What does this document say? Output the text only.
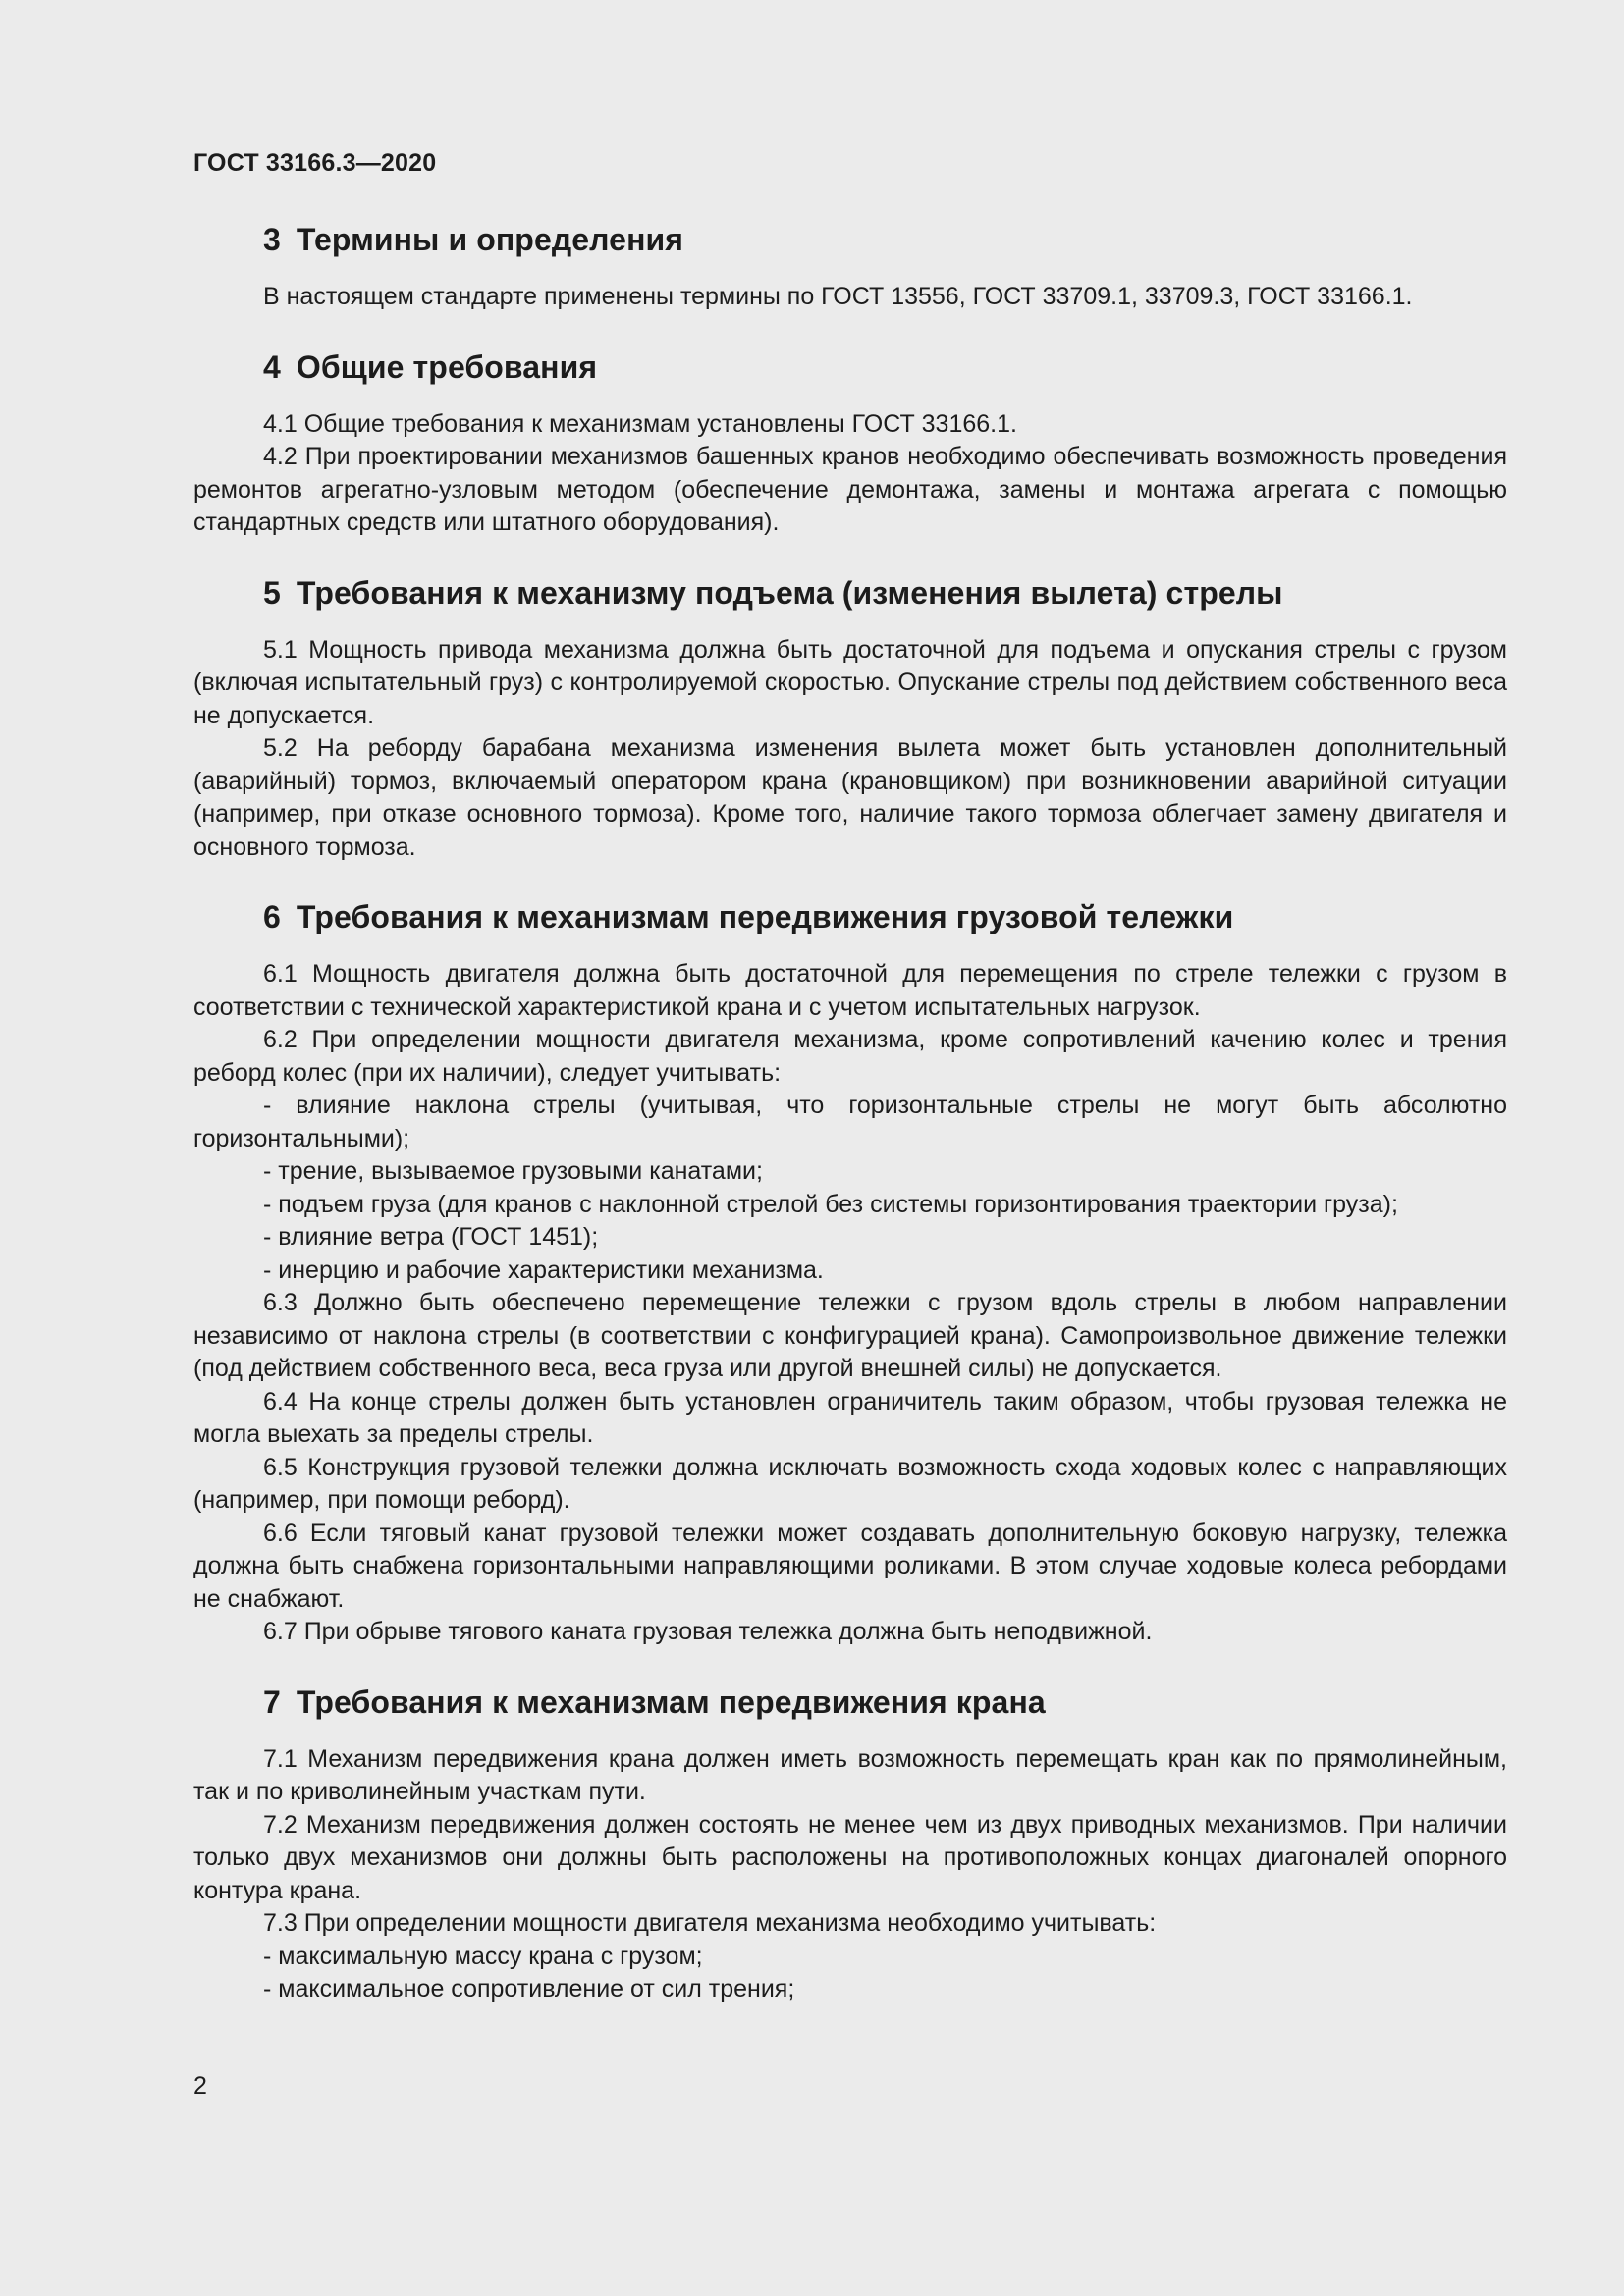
ГОСТ 33166.3—2020
3 Термины и определения

В настоящем стандарте применены термины по ГОСТ 13556, ГОСТ 33709.1, 33709.3, ГОСТ 33166.1.

4 Общие требования

4.1 Общие требования к механизмам установлены ГОСТ 33166.1.

4.2 При проектировании механизмов башенных кранов необходимо обеспечивать возможность проведения ремонтов агрегатно-узловым методом (обеспечение демонтажа, замены и монтажа агрегата с помощью стандартных средств или штатного оборудования).

5 Требования к механизму подъема (изменения вылета) стрелы

5.1 Мощность привода механизма должна быть достаточной для подъема и опускания стрелы с грузом (включая испытательный груз) с контролируемой скоростью. Опускание стрелы под действием собственного веса не допускается.

5.2 На реборду барабана механизма изменения вылета может быть установлен дополнительный (аварийный) тормоз, включаемый оператором крана (крановщиком) при возникновении аварийной ситуации (например, при отказе основного тормоза). Кроме того, наличие такого тормоза облегчает замену двигателя и основного тормоза.

6 Требования к механизмам передвижения грузовой тележки

6.1 Мощность двигателя должна быть достаточной для перемещения по стреле тележки с грузом в соответствии с технической характеристикой крана и с учетом испытательных нагрузок.

6.2 При определении мощности двигателя механизма, кроме сопротивлений качению колес и трения реборд колес (при их наличии), следует учитывать:

- влияние наклона стрелы (учитывая, что горизонтальные стрелы не могут быть абсолютно горизонтальными);

- трение, вызываемое грузовыми канатами;

- подъем груза (для кранов с наклонной стрелой без системы горизонтирования траектории груза);

- влияние ветра (ГОСТ 1451);

- инерцию и рабочие характеристики механизма.

6.3 Должно быть обеспечено перемещение тележки с грузом вдоль стрелы в любом направлении независимо от наклона стрелы (в соответствии с конфигурацией крана). Самопроизвольное движение тележки (под действием собственного веса, веса груза или другой внешней силы) не допускается.

6.4 На конце стрелы должен быть установлен ограничитель таким образом, чтобы грузовая тележка не могла выехать за пределы стрелы.

6.5 Конструкция грузовой тележки должна исключать возможность схода ходовых колес с направляющих (например, при помощи реборд).

6.6 Если тяговый канат грузовой тележки может создавать дополнительную боковую нагрузку, тележка должна быть снабжена горизонтальными направляющими роликами. В этом случае ходовые колеса ребордами не снабжают.

6.7 При обрыве тягового каната грузовая тележка должна быть неподвижной.

7 Требования к механизмам передвижения крана

7.1 Механизм передвижения крана должен иметь возможность перемещать кран как по прямолинейным, так и по криволинейным участкам пути.

7.2 Механизм передвижения должен состоять не менее чем из двух приводных механизмов. При наличии только двух механизмов они должны быть расположены на противоположных концах диагоналей опорного контура крана.

7.3 При определении мощности двигателя механизма необходимо учитывать:

- максимальную массу крана с грузом;

- максимальное сопротивление от сил трения;

2
